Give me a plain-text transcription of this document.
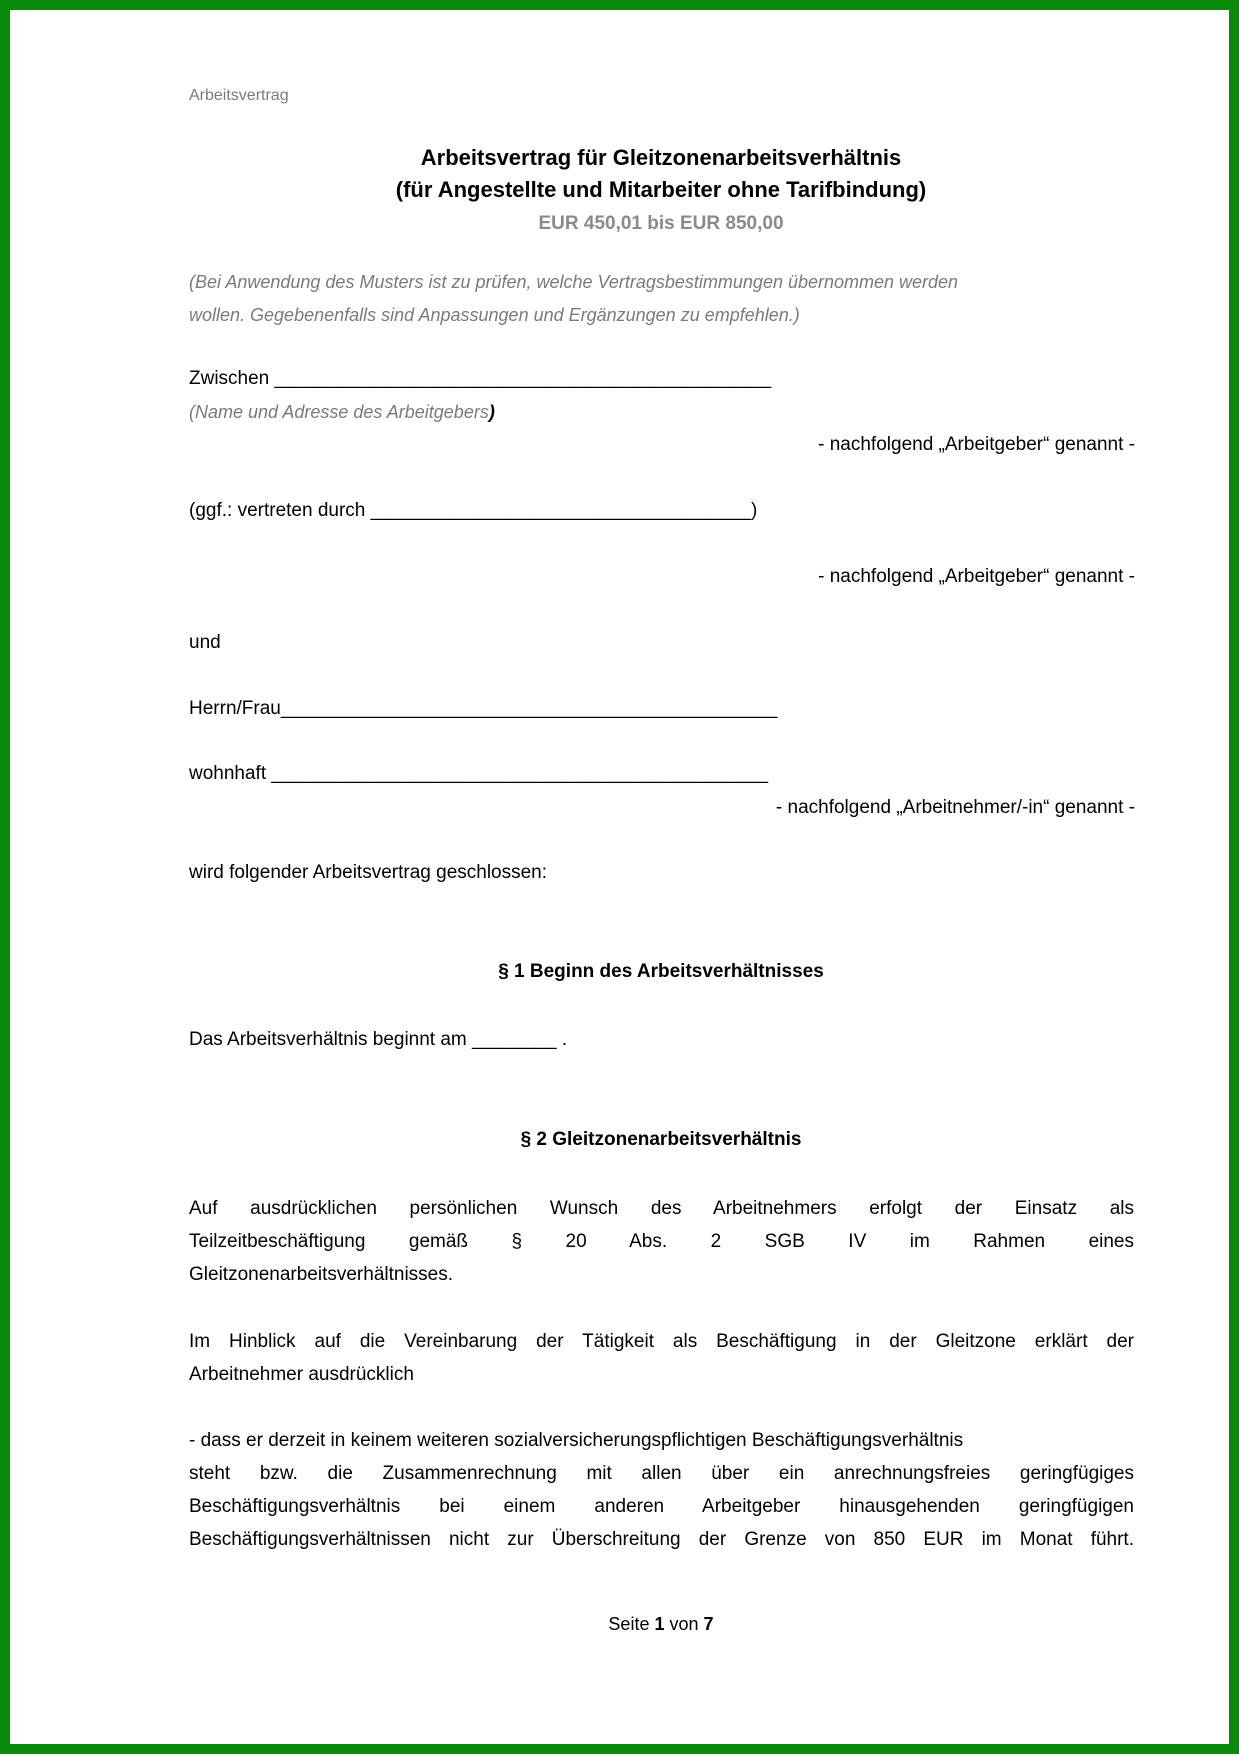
Arbeitsvertrag
Arbeitsvertrag für Gleitzonenarbeitsverhältnis
(für Angestellte und Mitarbeiter ohne Tarifbindung)
EUR 450,01 bis EUR 850,00
(Bei Anwendung des Musters ist zu prüfen, welche Vertragsbestimmungen übernommen werden
wollen. Gegebenenfalls sind Anpassungen und Ergänzungen zu empfehlen.)
Zwischen _______________________________________________
(Name und Adresse des Arbeitgebers)
- nachfolgend „Arbeitgeber“ genannt -
(ggf.: vertreten durch ____________________________________)
- nachfolgend „Arbeitgeber“ genannt -
und
Herrn/Frau_______________________________________________
wohnhaft _______________________________________________
- nachfolgend „Arbeitnehmer/-in“ genannt -
wird folgender Arbeitsvertrag geschlossen:
§ 1 Beginn des Arbeitsverhältnisses
Das Arbeitsverhältnis beginnt am ________ .
§ 2 Gleitzonenarbeitsverhältnis
Auf ausdrücklichen persönlichen Wunsch des Arbeitnehmers erfolgt der Einsatz als
Teilzeitbeschäftigung gemäß § 20 Abs. 2 SGB IV im Rahmen eines
Gleitzonenarbeitsverhältnisses.
Im Hinblick auf die Vereinbarung der Tätigkeit als Beschäftigung in der Gleitzone erklärt der
Arbeitnehmer ausdrücklich
- dass er derzeit in keinem weiteren sozialversicherungspflichtigen Beschäftigungsverhältnis
steht bzw. die Zusammenrechnung mit allen über ein anrechnungsfreies geringfügiges
Beschäftigungsverhältnis bei einem anderen Arbeitgeber hinausgehenden geringfügigen
Beschäftigungsverhältnissen nicht zur Überschreitung der Grenze von 850 EUR im Monat führt.
Seite 1 von 7
